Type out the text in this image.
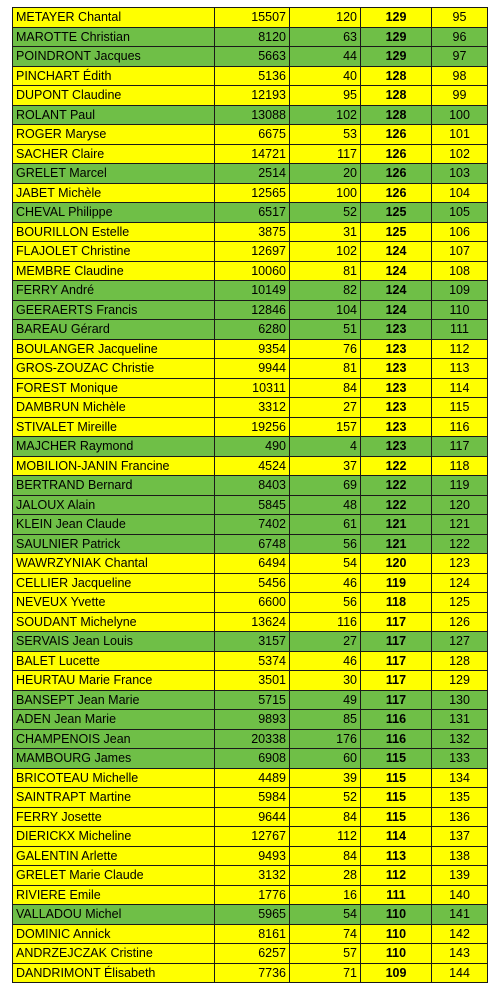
METAYER Chantal	15507	120	129	95
MAROTTE Christian	8120	63	129	96
POINDRONT Jacques	5663	44	129	97
PINCHART Édith	5136	40	128	98
DUPONT Claudine	12193	95	128	99
ROLANT Paul	13088	102	128	100
ROGER Maryse	6675	53	126	101
SACHER Claire	14721	117	126	102
GRELET Marcel	2514	20	126	103
JABET Michèle	12565	100	126	104
CHEVAL Philippe	6517	52	125	105
BOURILLON Estelle	3875	31	125	106
FLAJOLET Christine	12697	102	124	107
MEMBRE Claudine	10060	81	124	108
FERRY André	10149	82	124	109
GEERAERTS Francis	12846	104	124	110
BAREAU Gérard	6280	51	123	111
BOULANGER Jacqueline	9354	76	123	112
GROS-ZOUZAC Christie	9944	81	123	113
FOREST Monique	10311	84	123	114
DAMBRUN Michèle	3312	27	123	115
STIVALET Mireille	19256	157	123	116
MAJCHER Raymond	490	4	123	117
MOBILION-JANIN Francine	4524	37	122	118
BERTRAND Bernard	8403	69	122	119
JALOUX Alain	5845	48	122	120
KLEIN Jean Claude	7402	61	121	121
SAULNIER Patrick	6748	56	121	122
WAWRZYNIAK Chantal	6494	54	120	123
CELLIER Jacqueline	5456	46	119	124
NEVEUX Yvette	6600	56	118	125
SOUDANT Michelyne	13624	116	117	126
SERVAIS Jean Louis	3157	27	117	127
BALET Lucette	5374	46	117	128
HEURTAU Marie France	3501	30	117	129
BANSEPT Jean Marie	5715	49	117	130
ADEN Jean Marie	9893	85	116	131
CHAMPENOIS Jean	20338	176	116	132
MAMBOURG James	6908	60	115	133
BRICOTEAU Michelle	4489	39	115	134
SAINTRAPT Martine	5984	52	115	135
FERRY Josette	9644	84	115	136
DIERICKX Micheline	12767	112	114	137
GALENTIN Arlette	9493	84	113	138
GRELET Marie Claude	3132	28	112	139
RIVIERE Emile	1776	16	111	140
VALLADOU Michel	5965	54	110	141
DOMINIC Annick	8161	74	110	142
ANDRZEJCZAK Cristine	6257	57	110	143
DANDRIMONT Élisabeth	7736	71	109	144
